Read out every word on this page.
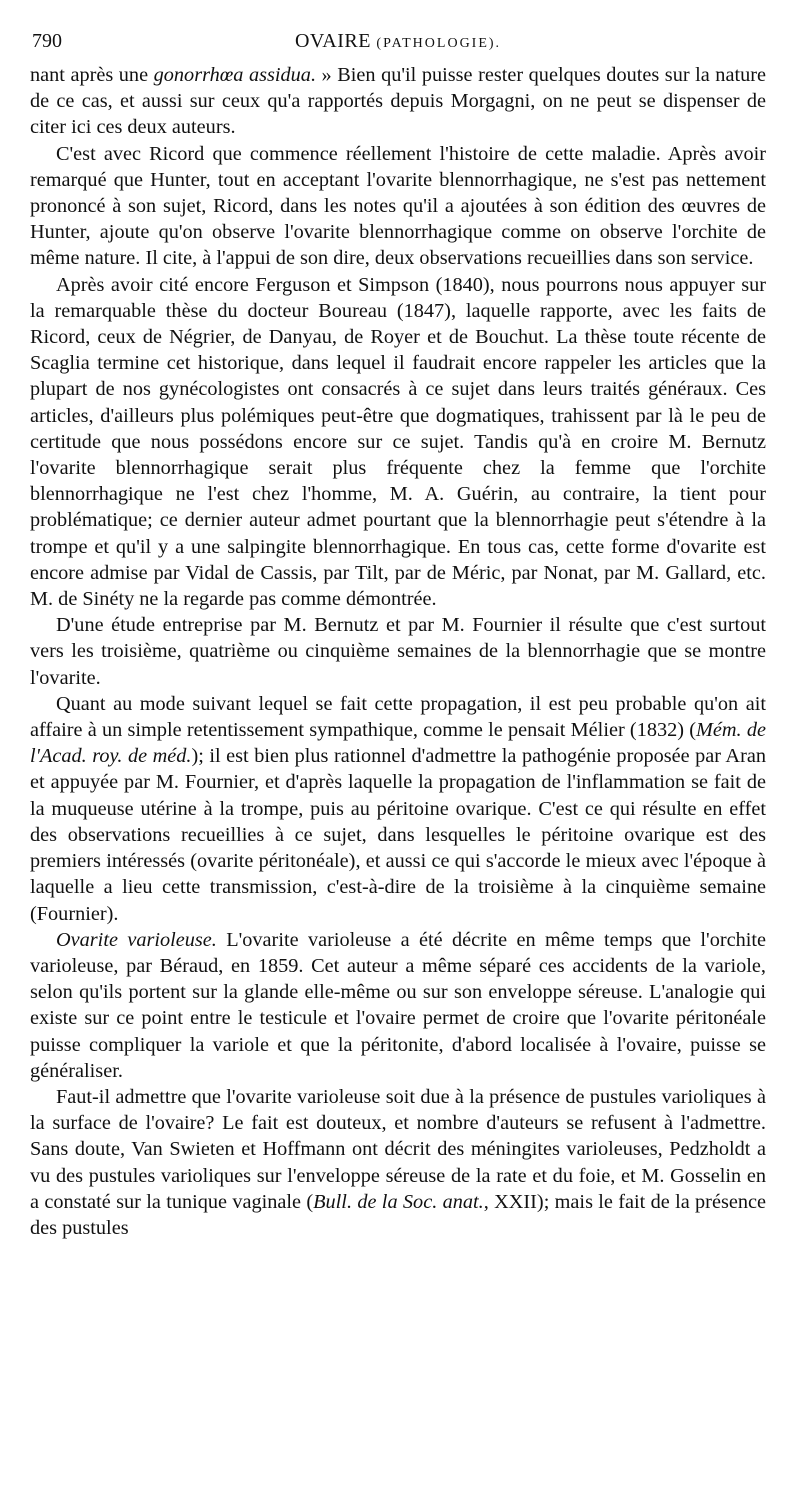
790	OVAIRE (PATHOLOGIE).

nant après une gonorrhœa assidua. » Bien qu'il puisse rester quelques doutes sur la nature de ce cas, et aussi sur ceux qu'a rapportés depuis Morgagni, on ne peut se dispenser de citer ici ces deux auteurs.

C'est avec Ricord que commence réellement l'histoire de cette maladie. Après avoir remarqué que Hunter, tout en acceptant l'ovarite blennorrhagique, ne s'est pas nettement prononcé à son sujet, Ricord, dans les notes qu'il a ajoutées à son édition des œuvres de Hunter, ajoute qu'on observe l'ovarite blennorrhagique comme on observe l'orchite de même nature. Il cite, à l'appui de son dire, deux observations recueillies dans son service.

Après avoir cité encore Ferguson et Simpson (1840), nous pourrons nous appuyer sur la remarquable thèse du docteur Boureau (1847), laquelle rapporte, avec les faits de Ricord, ceux de Négrier, de Danyau, de Royer et de Bouchut. La thèse toute récente de Scaglia termine cet historique, dans lequel il faudrait encore rappeler les articles que la plupart de nos gynécologistes ont consacrés à ce sujet dans leurs traités généraux. Ces articles, d'ailleurs plus polémiques peut-être que dogmatiques, trahissent par là le peu de certitude que nous possédons encore sur ce sujet. Tandis qu'à en croire M. Bernutz l'ovarite blennorrhagique serait plus fréquente chez la femme que l'orchite blennorrhagique ne l'est chez l'homme, M. A. Guérin, au contraire, la tient pour problématique; ce dernier auteur admet pourtant que la blennorrhagie peut s'étendre à la trompe et qu'il y a une salpingite blennorrhagique. En tous cas, cette forme d'ovarite est encore admise par Vidal de Cassis, par Tilt, par de Méric, par Nonat, par M. Gallard, etc. M. de Sinéty ne la regarde pas comme démontrée.

D'une étude entreprise par M. Bernutz et par M. Fournier il résulte que c'est surtout vers les troisième, quatrième ou cinquième semaines de la blennorrhagie que se montre l'ovarite.

Quant au mode suivant lequel se fait cette propagation, il est peu probable qu'on ait affaire à un simple retentissement sympathique, comme le pensait Mélier (1832) (Mém. de l'Acad. roy. de méd.); il est bien plus rationnel d'admettre la pathogénie proposée par Aran et appuyée par M. Fournier, et d'après laquelle la propagation de l'inflammation se fait de la muqueuse utérine à la trompe, puis au péritoine ovarique. C'est ce qui résulte en effet des observations recueillies à ce sujet, dans lesquelles le péritoine ovarique est des premiers intéressés (ovarite péritonéale), et aussi ce qui s'accorde le mieux avec l'époque à laquelle a lieu cette transmission, c'est-à-dire de la troisième à la cinquième semaine (Fournier).

Ovarite varioleuse. L'ovarite varioleuse a été décrite en même temps que l'orchite varioleuse, par Béraud, en 1859. Cet auteur a même séparé ces accidents de la variole, selon qu'ils portent sur la glande elle-même ou sur son enveloppe séreuse. L'analogie qui existe sur ce point entre le testicule et l'ovaire permet de croire que l'ovarite péritonéale puisse compliquer la variole et que la péritonite, d'abord localisée à l'ovaire, puisse se généraliser.

Faut-il admettre que l'ovarite varioleuse soit due à la présence de pustules varioliques à la surface de l'ovaire? Le fait est douteux, et nombre d'auteurs se refusent à l'admettre. Sans doute, Van Swieten et Hoffmann ont décrit des méningites varioleuses, Pedzholdt a vu des pustules varioliques sur l'enveloppe séreuse de la rate et du foie, et M. Gosselin en a constaté sur la tunique vaginale (Bull. de la Soc. anat., XXII); mais le fait de la présence des pustules
